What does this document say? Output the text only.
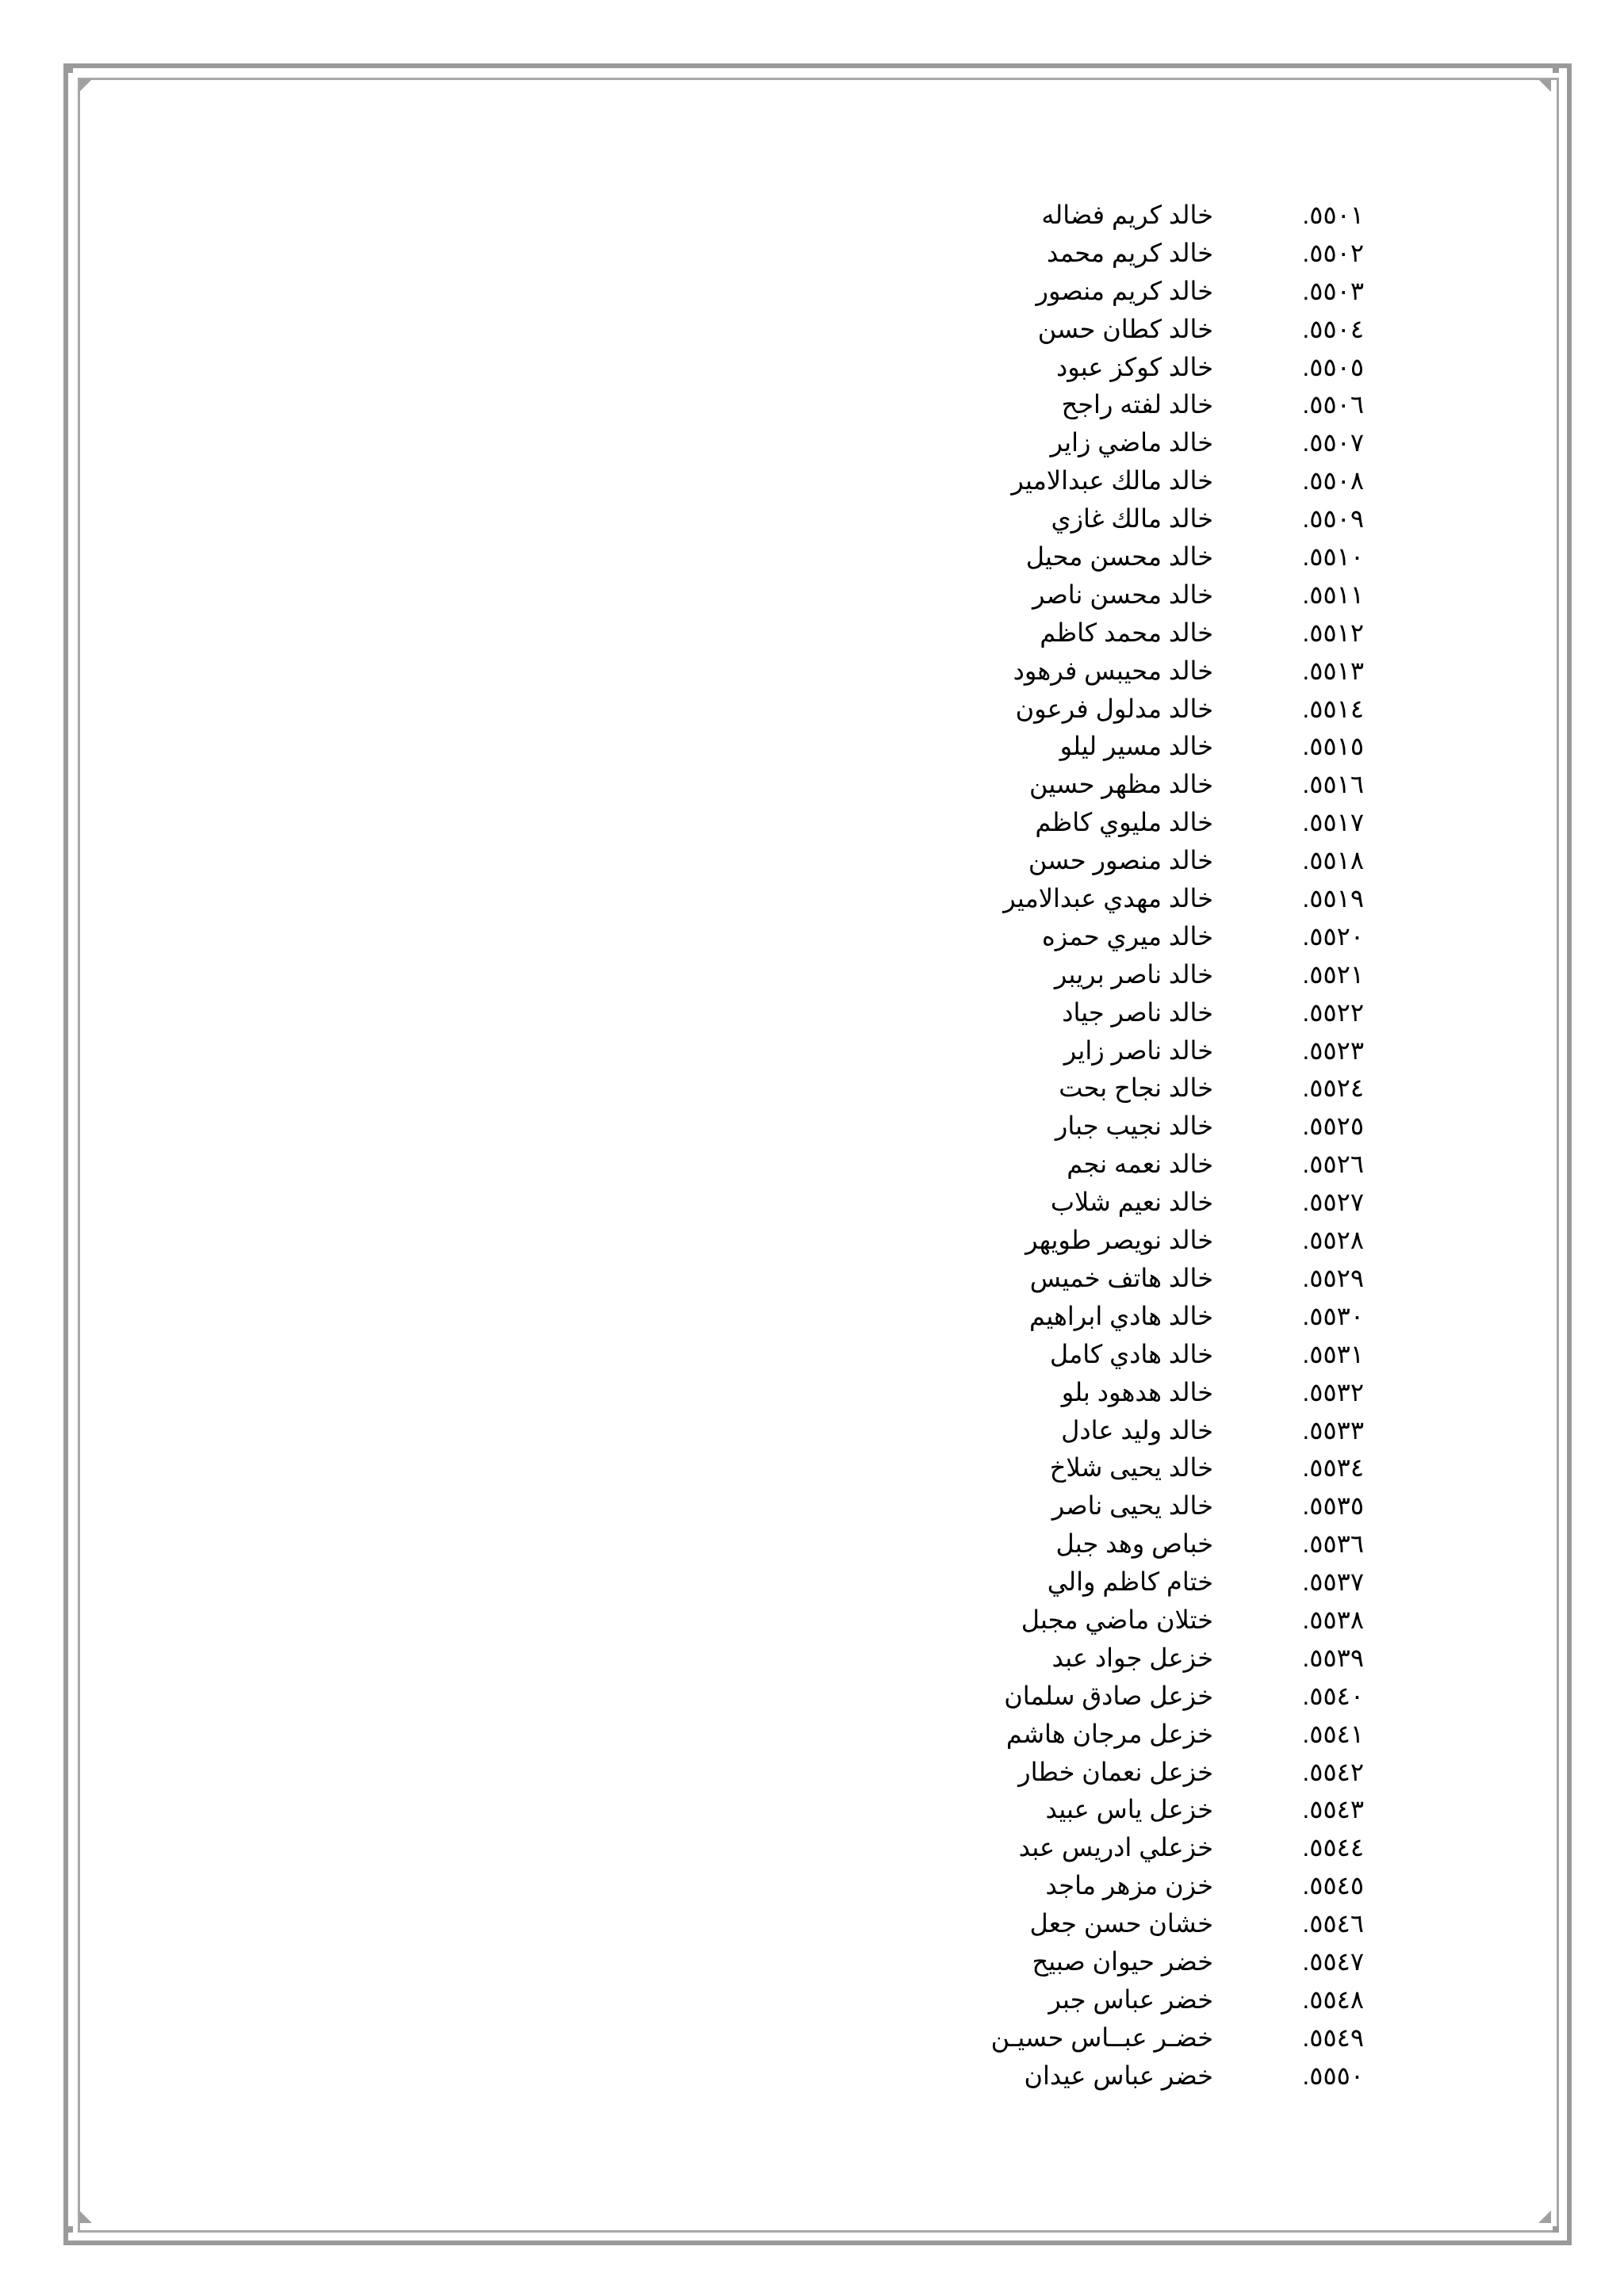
٥٥٠١.
خالد كريم فضاله
٥٥٠٢.
خالد كريم محمد
٥٥٠٣.
خالد كريم منصور
٥٥٠٤.
خالد كطان حسن
٥٥٠٥.
خالد كوكز عبود
٥٥٠٦.
خالد لفته راجح
٥٥٠٧.
خالد ماضي زاير
٥٥٠٨.
خالد مالك عبدالامير
٥٥٠٩.
خالد مالك غازي
٥٥١٠.
خالد محسن محيل
٥٥١١.
خالد محسن ناصر
٥٥١٢.
خالد محمد كاظم
٥٥١٣.
خالد محيبس فرهود
٥٥١٤.
خالد مدلول فرعون
٥٥١٥.
خالد مسير ليلو
٥٥١٦.
خالد مظهر حسين
٥٥١٧.
خالد مليوي كاظم
٥٥١٨.
خالد منصور حسن
٥٥١٩.
خالد مهدي عبدالامير
٥٥٢٠.
خالد ميري حمزه
٥٥٢١.
خالد ناصر بريبر
٥٥٢٢.
خالد ناصر جياد
٥٥٢٣.
خالد ناصر زاير
٥٥٢٤.
خالد نجاح بحت
٥٥٢٥.
خالد نجيب جبار
٥٥٢٦.
خالد نعمه نجم
٥٥٢٧.
خالد نعيم شلاب
٥٥٢٨.
خالد نويصر طويهر
٥٥٢٩.
خالد هاتف خميس
٥٥٣٠.
خالد هادي ابراهيم
٥٥٣١.
خالد هادي كامل
٥٥٣٢.
خالد هدهود بلو
٥٥٣٣.
خالد وليد عادل
٥٥٣٤.
خالد يحيى شلاخ
٥٥٣٥.
خالد يحيى ناصر
٥٥٣٦.
خباص وهد جبل
٥٥٣٧.
ختام كاظم والي
٥٥٣٨.
ختلان ماضي مجبل
٥٥٣٩.
خزعل جواد عبد
٥٥٤٠.
خزعل صادق سلمان
٥٥٤١.
خزعل مرجان هاشم
٥٥٤٢.
خزعل نعمان خطار
٥٥٤٣.
خزعل ياس عبيد
٥٥٤٤.
خزعلي ادريس عبد
٥٥٤٥.
خزن مزهر ماجد
٥٥٤٦.
خشان حسن جعل
٥٥٤٧.
خضر حيوان صبيح
٥٥٤٨.
خضر عباس جبر
٥٥٤٩.
خضـر عبــاس حسيـن
٥٥٥٠.
خضر عباس عيدان
